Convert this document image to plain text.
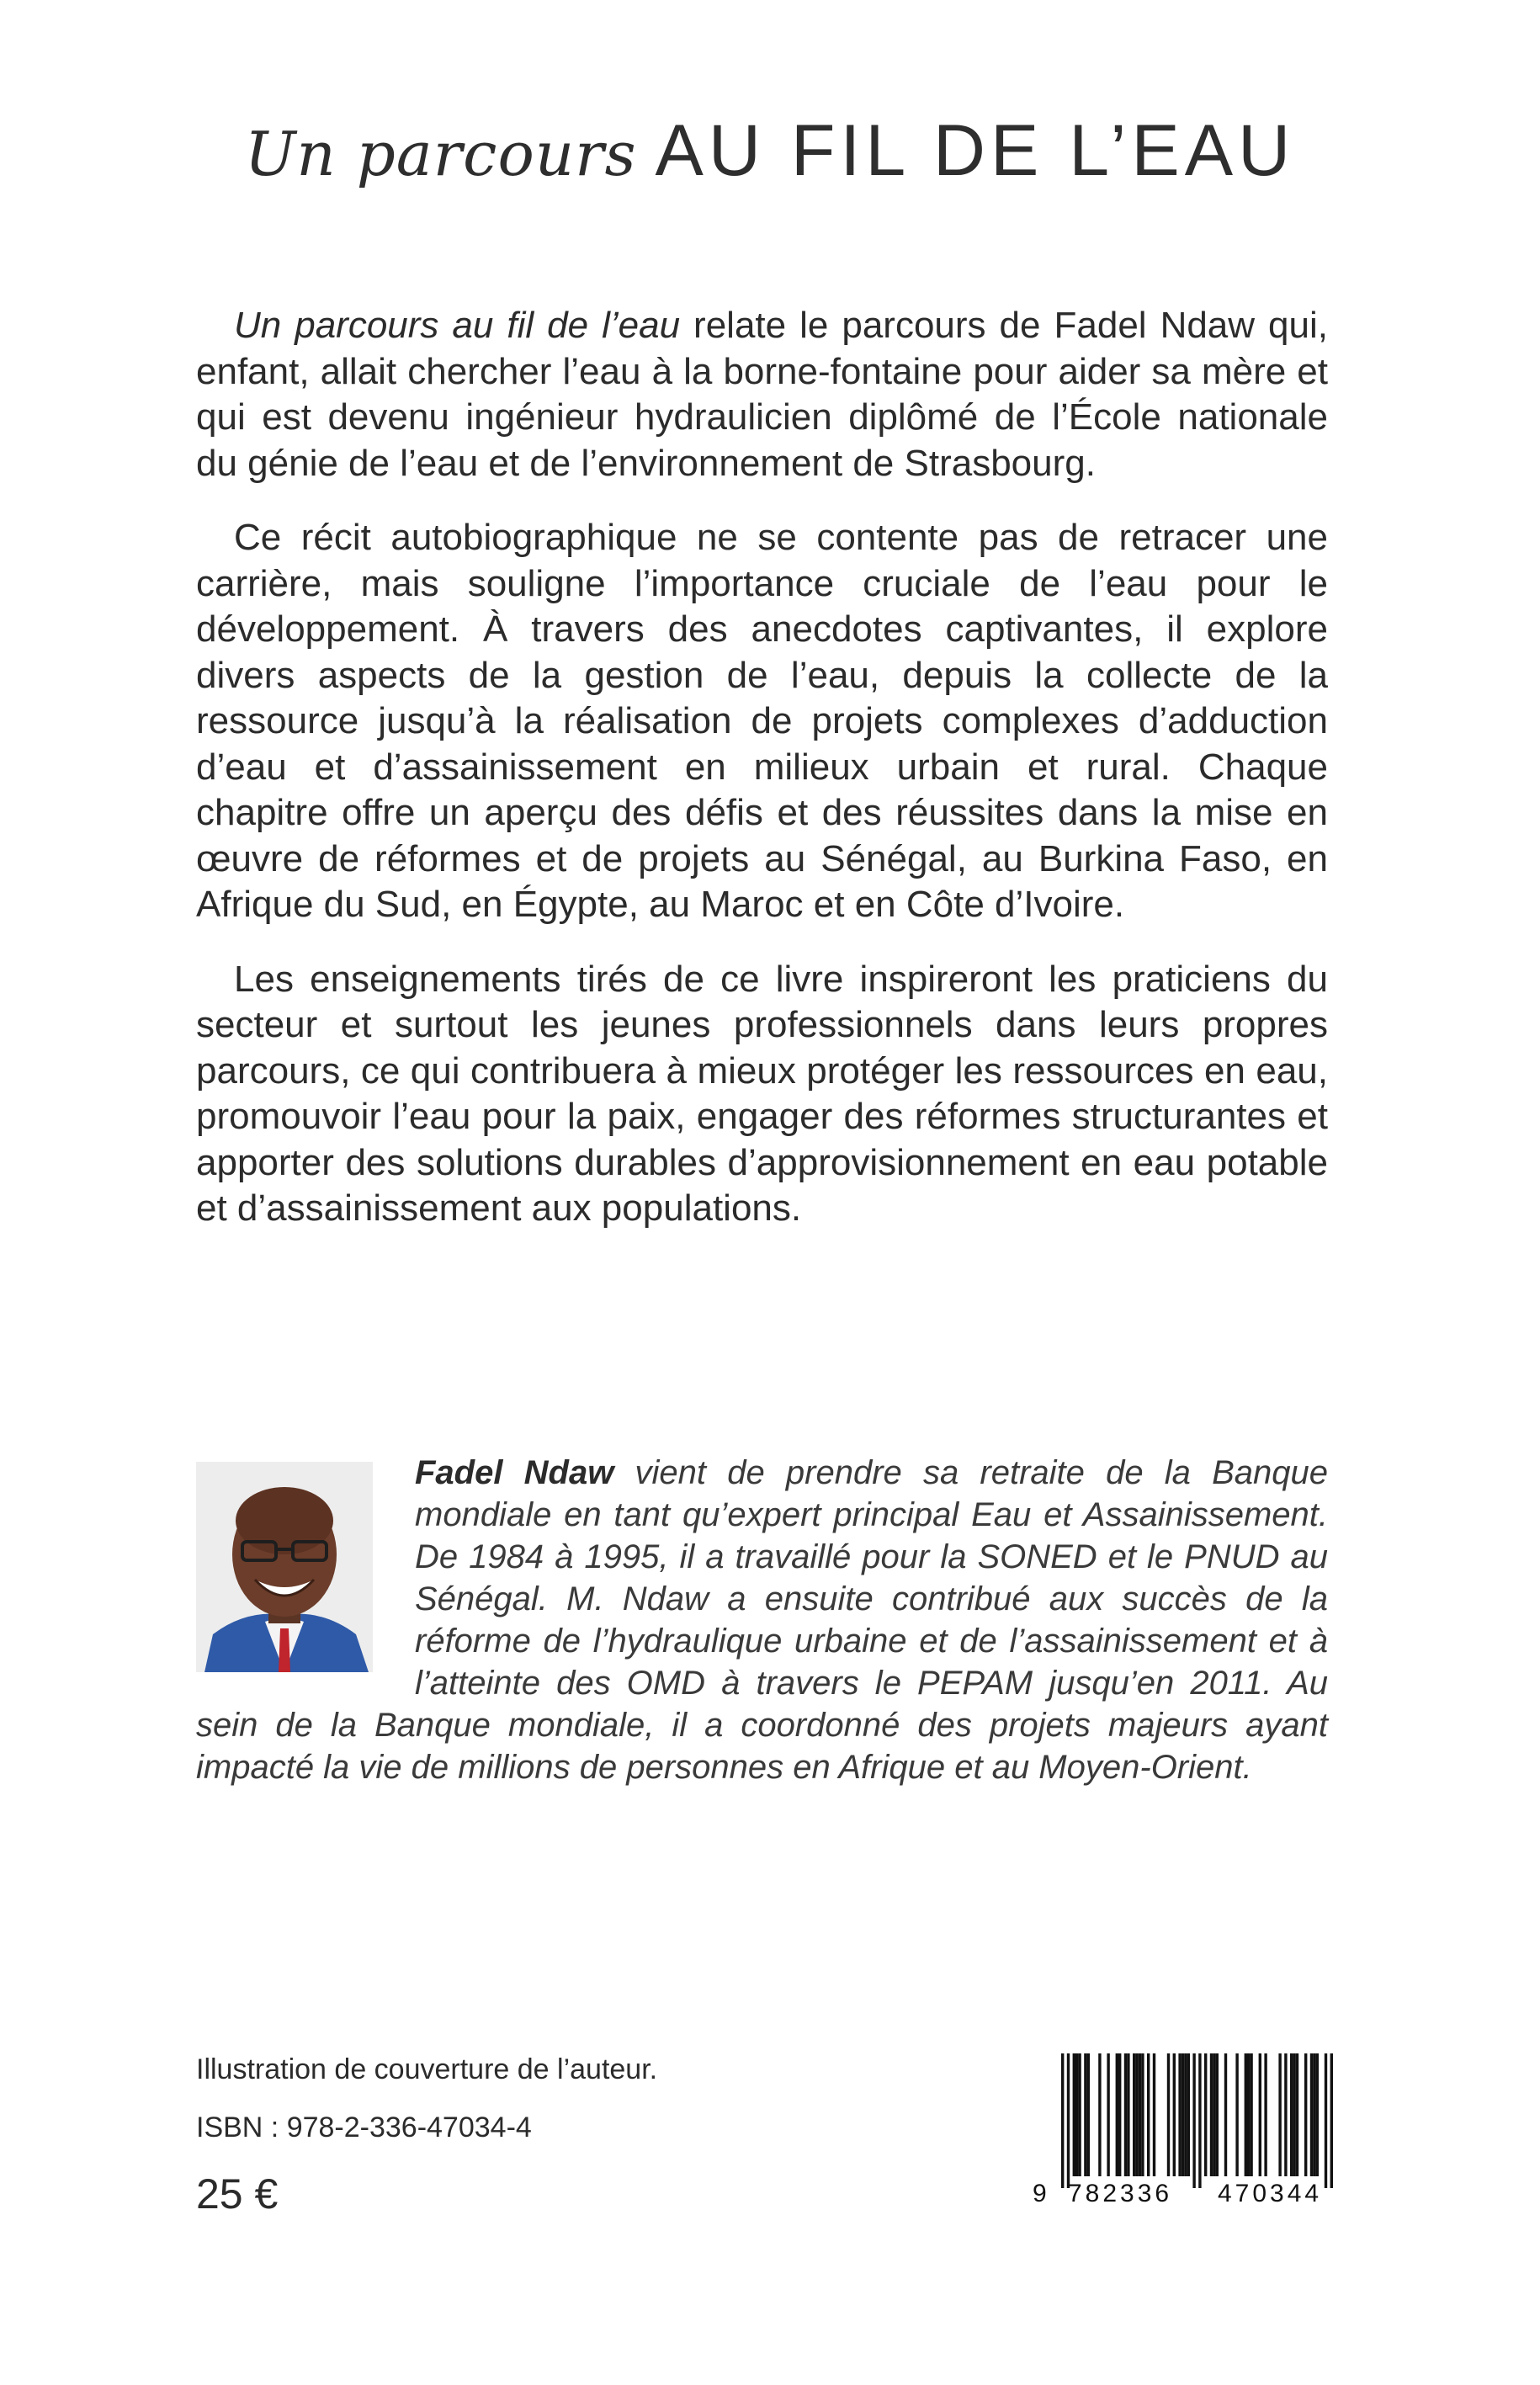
Un parcours AU FIL DE L’EAU

Un parcours au fil de l’eau relate le parcours de Fadel Ndaw qui, enfant, allait chercher l’eau à la borne-fontaine pour aider sa mère et qui est devenu ingénieur hydraulicien diplômé de l’École nationale du génie de l’eau et de l’environnement de Strasbourg.

Ce récit autobiographique ne se contente pas de retracer une carrière, mais souligne l’importance cruciale de l’eau pour le développement. À travers des anecdotes captivantes, il explore divers aspects de la gestion de l’eau, depuis la collecte de la ressource jusqu’à la réalisation de projets complexes d’adduction d’eau et d’assainissement en milieux urbain et rural. Chaque chapitre offre un aperçu des défis et des réussites dans la mise en œuvre de réformes et de projets au Sénégal, au Burkina Faso, en Afrique du Sud, en Égypte, au Maroc et en Côte d’Ivoire.

Les enseignements tirés de ce livre inspireront les praticiens du secteur et surtout les jeunes professionnels dans leurs propres parcours, ce qui contribuera à mieux protéger les ressources en eau, promouvoir l’eau pour la paix, engager des réformes structurantes et apporter des solutions durables d’approvisionnement en eau potable et d’assainissement aux populations.

Fadel Ndaw vient de prendre sa retraite de la Banque mondiale en tant qu’expert principal Eau et Assainissement. De 1984 à 1995, il a travaillé pour la SONED et le PNUD au Sénégal. M. Ndaw a ensuite contribué aux succès de la réforme de l’hydraulique urbaine et de l’assainissement et à l’atteinte des OMD à travers le PEPAM jusqu’en 2011. Au sein de la Banque mondiale, il a coordonné des projets majeurs ayant impacté la vie de millions de personnes en Afrique et au Moyen-Orient.
Illustration de couverture de l’auteur.
ISBN : 978-2-336-47034-4
25 €	9 782336 470344
